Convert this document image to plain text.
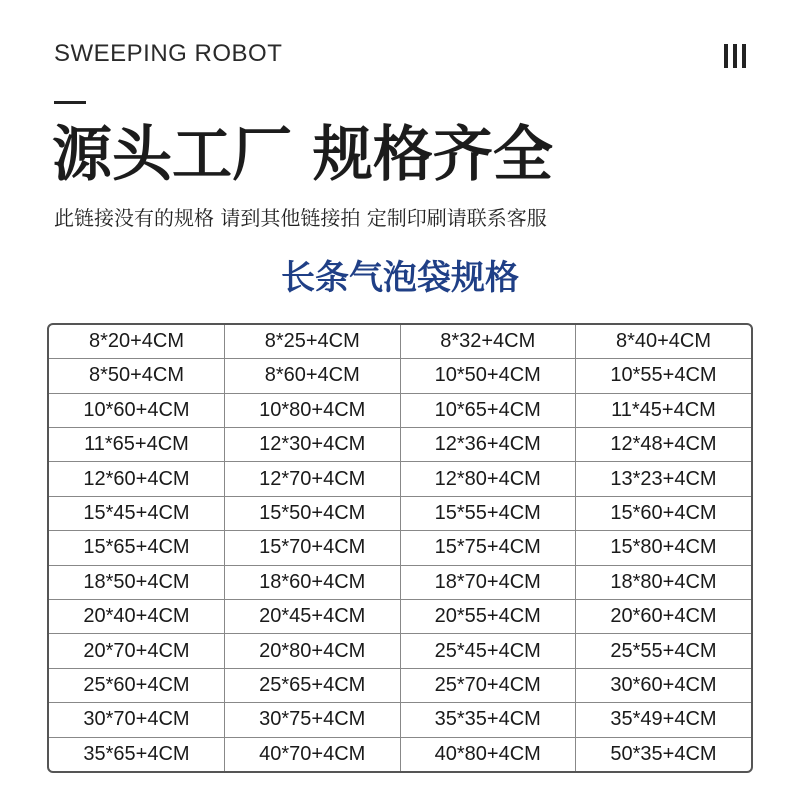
SWEEPING ROBOT
源头工厂 规格齐全
此链接没有的规格 请到其他链接拍 定制印刷请联系客服
长条气泡袋规格
8*20+4CM	8*25+4CM	8*32+4CM	8*40+4CM
8*50+4CM	8*60+4CM	10*50+4CM	10*55+4CM
10*60+4CM	10*80+4CM	10*65+4CM	11*45+4CM
11*65+4CM	12*30+4CM	12*36+4CM	12*48+4CM
12*60+4CM	12*70+4CM	12*80+4CM	13*23+4CM
15*45+4CM	15*50+4CM	15*55+4CM	15*60+4CM
15*65+4CM	15*70+4CM	15*75+4CM	15*80+4CM
18*50+4CM	18*60+4CM	18*70+4CM	18*80+4CM
20*40+4CM	20*45+4CM	20*55+4CM	20*60+4CM
20*70+4CM	20*80+4CM	25*45+4CM	25*55+4CM
25*60+4CM	25*65+4CM	25*70+4CM	30*60+4CM
30*70+4CM	30*75+4CM	35*35+4CM	35*49+4CM
35*65+4CM	40*70+4CM	40*80+4CM	50*35+4CM
